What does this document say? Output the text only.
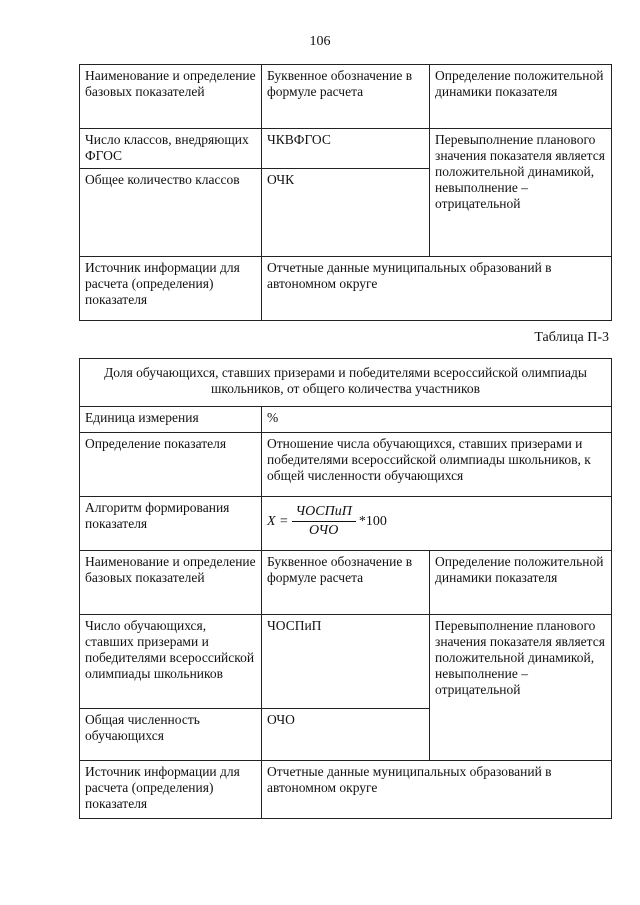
106
Наименование и определение базовых показателей	Буквенное обозначение в формуле расчета	Определение положительной динамики показателя
Число классов, внедряющих ФГОС	ЧКВФГОС	Перевыполнение планового значения показателя является положительной динамикой, невыполнение – отрицательной
Общее количество классов	ОЧК	
Источник информации для расчета (определения) показателя	Отчетные данные муниципальных образований в автономном округе	
Таблица П-3
Доля обучающихся, ставших призерами и победителями всероссийской олимпиады школьников, от общего количества участников		
Единица измерения	%	
Определение показателя	Отношение числа обучающихся, ставших призерами и победителями всероссийской олимпиады школьников, к общей численности обучающихся	
Алгоритм формирования показателя	$X = \frac{\text{ЧОСПиП}}{\text{ОЧО}} *100$	

Наименование и определение базовых показателей	Буквенное обозначение в формуле расчета	Определение положительной динамики показателя
Число обучающихся, ставших призерами и победителями всероссийской олимпиады школьников	ЧОСПиП	Перевыполнение планового значения показателя является положительной динамикой, невыполнение – отрицательной
Общая численность обучающихся	ОЧО	
Источник информации для расчета (определения) показателя	Отчетные данные муниципальных образований в автономном округе	
